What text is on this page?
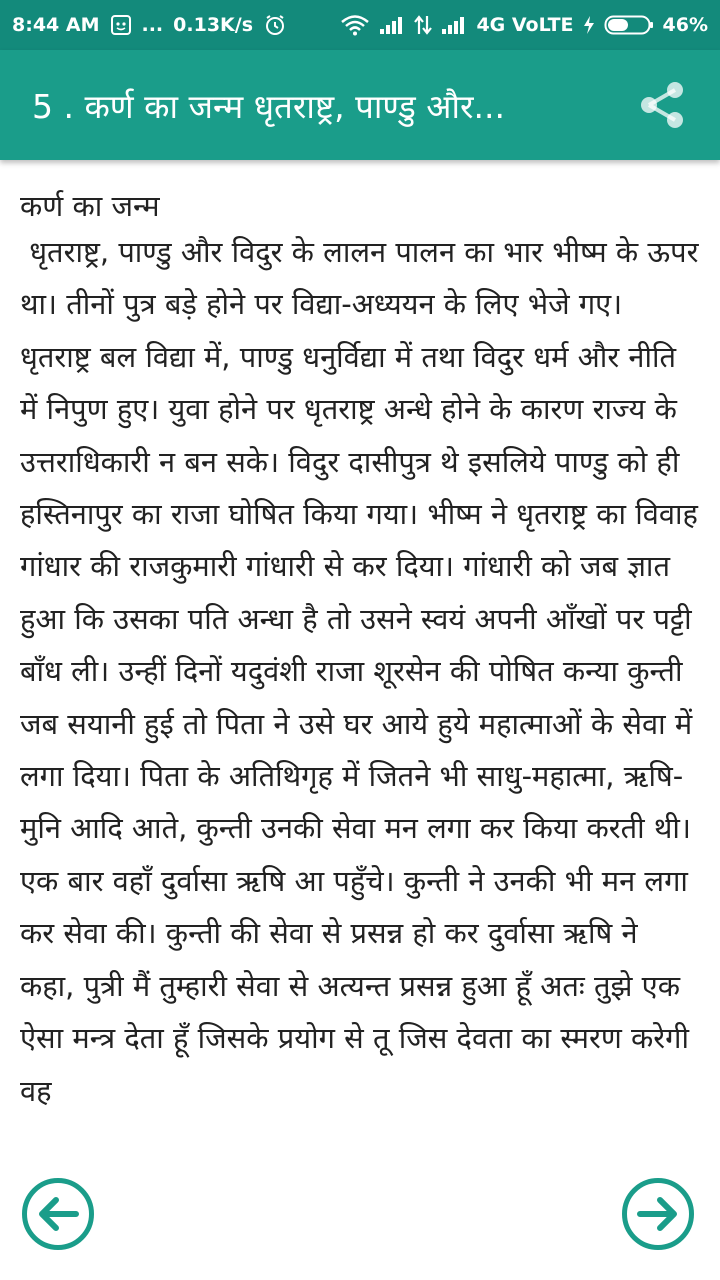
8:44 AM ... 0.13K/s	4G VoLTE	46%
5 . कर्ण का जन्म धृतराष्ट्र, पाण्डु और...

कर्ण का जन्म

धृतराष्ट्र, पाण्डु और विदुर के लालन पालन का भार भीष्म के ऊपर था। तीनों पुत्र बड़े होने पर विद्या-अध्ययन के लिए भेजे गए। धृतराष्ट्र बल विद्या में, पाण्डु धनुर्विद्या में तथा विदुर धर्म और नीति में निपुण हुए। युवा होने पर धृतराष्ट्र अन्धे होने के कारण राज्य के उत्तराधिकारी न बन सके। विदुर दासीपुत्र थे इसलिये पाण्डु को ही हस्तिनापुर का राजा घोषित किया गया। भीष्म ने धृतराष्ट्र का विवाह गांधार की राजकुमारी गांधारी से कर दिया। गांधारी को जब ज्ञात हुआ कि उसका पति अन्धा है तो उसने स्वयं अपनी आँखों पर पट्टी बाँध ली। उन्हीं दिनों यदुवंशी राजा शूरसेन की पोषित कन्या कुन्ती जब सयानी हुई तो पिता ने उसे घर आये हुये महात्माओं के सेवा में लगा दिया। पिता के अतिथिगृह में जितने भी साधु-महात्मा, ऋषि-मुनि आदि आते, कुन्ती उनकी सेवा मन लगा कर किया करती थी। एक बार वहाँ दुर्वासा ऋषि आ पहुँचे। कुन्ती ने उनकी भी मन लगा कर सेवा की। कुन्ती की सेवा से प्रसन्न हो कर दुर्वासा ऋषि ने कहा, पुत्री मैं तुम्हारी सेवा से अत्यन्त प्रसन्न हुआ हूँ अतः तुझे एक ऐसा मन्त्र देता हूँ जिसके प्रयोग से तू जिस देवता का स्मरण करेगी वह
